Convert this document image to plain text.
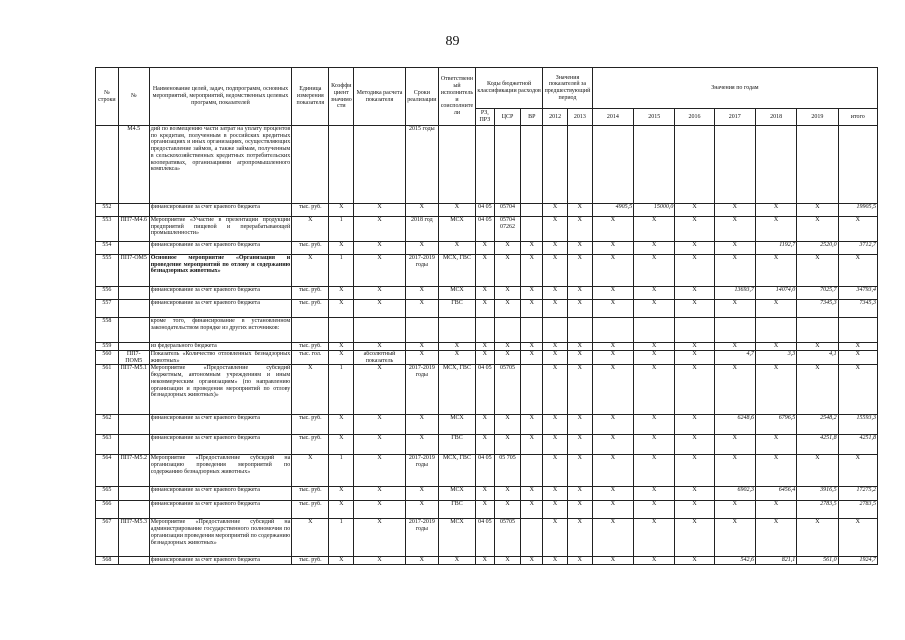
89
№ строки	№	Наименование целей, задач, подпрограмм, основных мероприятий, мероприятий, ведомственных целевых программ, показателей	Единица измерения показателя	Коэффициент значимости	Методика расчета показателя	Сроки реализации	Ответственный исполнитель и соисполнители	Коды бюджетной классификации расходов			Значения показателей за предшествующий период		Значения по годам						
								РЗ, ПРЗ	ЦСР	ВР	2012	2013	2014	2015	2016	2017	2018	2019	итого

	М4.5	дий по возмещению части затрат на уплату процентов по кредитам, полученным в российских кредитных организациях и иных организациях, осуществляющих предоставление займов, а также займам, полученным в сельскохозяйственных кредитных потребительских кооперативах, организациями агропромышленного комплекса»				2015 годы													
552		финансирование за счет краевого бюджета	тыс. руб.	X	X	X	X	04 05	05704		X	X	4905,5	15000,0	X	X	X	X	19905,5
553	ПП7-М4.6	Мероприятие «Участие в презентации продукции предприятий пищевой и перерабатывающей промышленности»	X	1	X	2018 год	МСХ	04 05	05704 07262		X	X	X	X	X	X	X	X	X
554		финансирование за счет краевого бюджета	тыс. руб.	X	X	X	X	X	X	X	X	X	X	X	X	X	1192,7	2520,0	3712,7
555	ПП7-ОМ5	Основное мероприятие «Организация и проведение мероприятий по отлову и содержанию безнадзорных животных»	X	1	X	2017-2019 годы	МСХ, ГВС	X	X	X	X	X	X	X	X	X	X	X	X
556		финансирование за счет краевого бюджета	тыс. руб.	X	X	X	МСХ	X	X	X	X	X	X	X	X	13693,7	14074,0	7025,7	34793,4
557		финансирование за счет краевого бюджета	тыс. руб.	X	X	X	ГВС	X	X	X	X	X	X	X	X	X	X	7345,3	7345,3
558		кроме того, финансирование в установленном законодательством порядке из других источников:																	
559		из федерального бюджета	тыс. руб.	X	X	X	X	X	X	X	X	X	X	X	X	X	X	X	X
560	ПП7-ПОМ5	Показатель «Количество отловленных безнадзорных животных»	тыс. гол.	X	абсолютный показатель	X	X	X	X	X	X	X	X	X	X	4,7	3,3	4,1	X
561	ПП7-М5.1	Мероприятие «Предоставление субсидий бюджетным, автономным учреждениям и иным некоммерческим организациям» (по направлению организации и проведения мероприятий по отлову безнадзорных животных)»	X	1	X	2017-2019 годы	МСХ, ГВС	04 05	05705		X	X	X	X	X	X	X	X	X
562		финансирование за счет краевого бюджета	тыс. руб.	X	X	X	МСХ	X	X	X	X	X	X	X	X	6248,6	6796,5	2548,2	15593,3
563		финансирование за счет краевого бюджета	тыс. руб.	X	X	X	ГВС	X	X	X	X	X	X	X	X	X	X	4251,8	4251,8
564	ПП7-М5.2	Мероприятие «Предоставление субсидий на организацию проведения мероприятий по содержанию безнадзорных животных»	X	1	X	2017-2019 годы	МСХ, ГВС	04 05	05 705		X	X	X	X	X	X	X	X	X
565		финансирование за счет краевого бюджета	тыс. руб.	X	X	X	МСХ	X	X	X	X	X	X	X	X	6902,3	6456,4	3916,5	17275,2
566		финансирование за счет краевого бюджета	тыс. руб.	X	X	X	ГВС	X	X	X	X	X	X	X	X	X	X	2783,5	2783,5
567	ПП7-М5.3	Мероприятие «Предоставление субсидий на администрирование государственного полномочия по организации проведения мероприятий по содержанию безнадзорных животных»	X	1	X	2017-2019 годы	МСХ	04 05	05705		X	X	X	X	X	X	X	X	X
568		финансирование за счет краевого бюджета	тыс. руб.	X	X	X	X	X	X	X	X	X	X	X	X	542,6	821,1	561,0	1924,7
